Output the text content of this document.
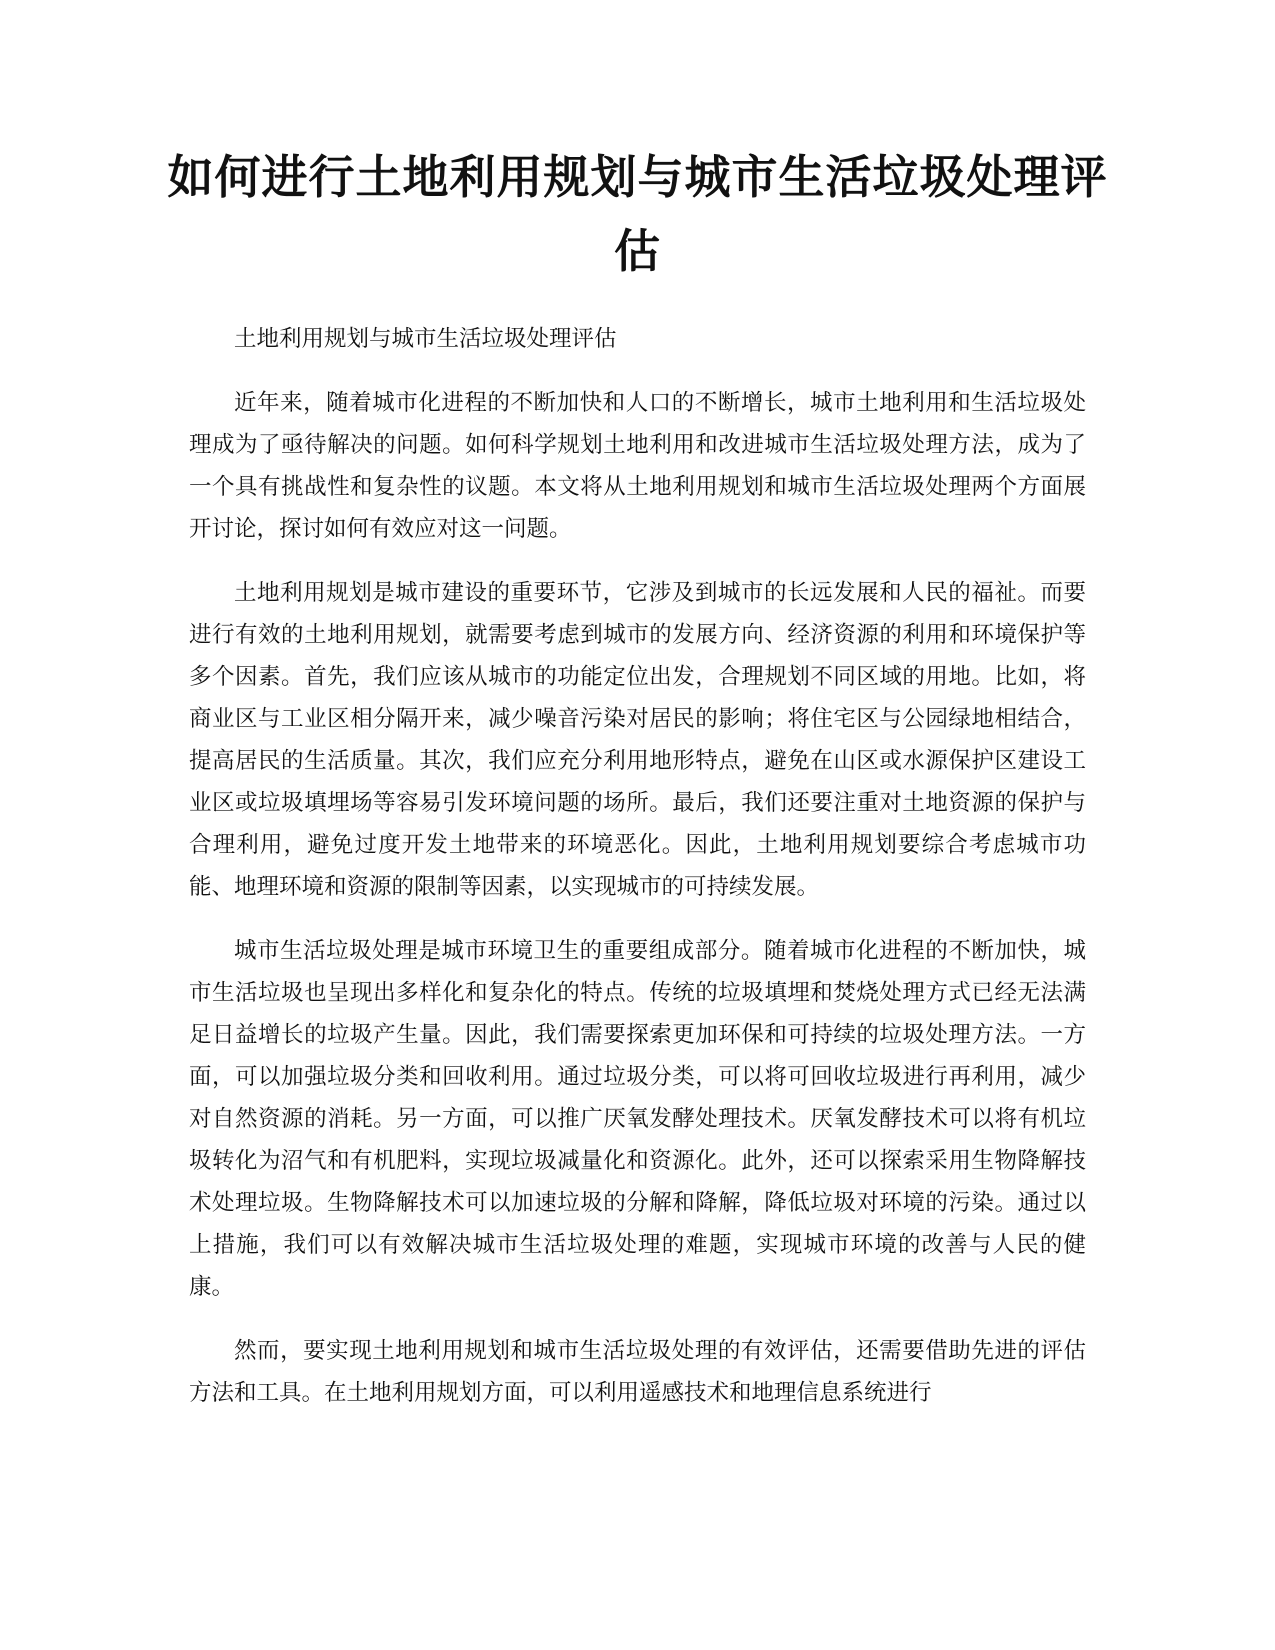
如何进行土地利用规划与城市生活垃圾处理评估

土地利用规划与城市生活垃圾处理评估

近年来，随着城市化进程的不断加快和人口的不断增长，城市土地利用和生活垃圾处理成为了亟待解决的问题。如何科学规划土地利用和改进城市生活垃圾处理方法，成为了一个具有挑战性和复杂性的议题。本文将从土地利用规划和城市生活垃圾处理两个方面展开讨论，探讨如何有效应对这一问题。

土地利用规划是城市建设的重要环节，它涉及到城市的长远发展和人民的福祉。而要进行有效的土地利用规划，就需要考虑到城市的发展方向、经济资源的利用和环境保护等多个因素。首先，我们应该从城市的功能定位出发，合理规划不同区域的用地。比如，将商业区与工业区相分隔开来，减少噪音污染对居民的影响；将住宅区与公园绿地相结合，提高居民的生活质量。其次，我们应充分利用地形特点，避免在山区或水源保护区建设工业区或垃圾填埋场等容易引发环境问题的场所。最后，我们还要注重对土地资源的保护与合理利用，避免过度开发土地带来的环境恶化。因此，土地利用规划要综合考虑城市功能、地理环境和资源的限制等因素，以实现城市的可持续发展。

城市生活垃圾处理是城市环境卫生的重要组成部分。随着城市化进程的不断加快，城市生活垃圾也呈现出多样化和复杂化的特点。传统的垃圾填埋和焚烧处理方式已经无法满足日益增长的垃圾产生量。因此，我们需要探索更加环保和可持续的垃圾处理方法。一方面，可以加强垃圾分类和回收利用。通过垃圾分类，可以将可回收垃圾进行再利用，减少对自然资源的消耗。另一方面，可以推广厌氧发酵处理技术。厌氧发酵技术可以将有机垃圾转化为沼气和有机肥料，实现垃圾减量化和资源化。此外，还可以探索采用生物降解技术处理垃圾。生物降解技术可以加速垃圾的分解和降解，降低垃圾对环境的污染。通过以上措施，我们可以有效解决城市生活垃圾处理的难题，实现城市环境的改善与人民的健康。

然而，要实现土地利用规划和城市生活垃圾处理的有效评估，还需要借助先进的评估方法和工具。在土地利用规划方面，可以利用遥感技术和地理信息系统进行
